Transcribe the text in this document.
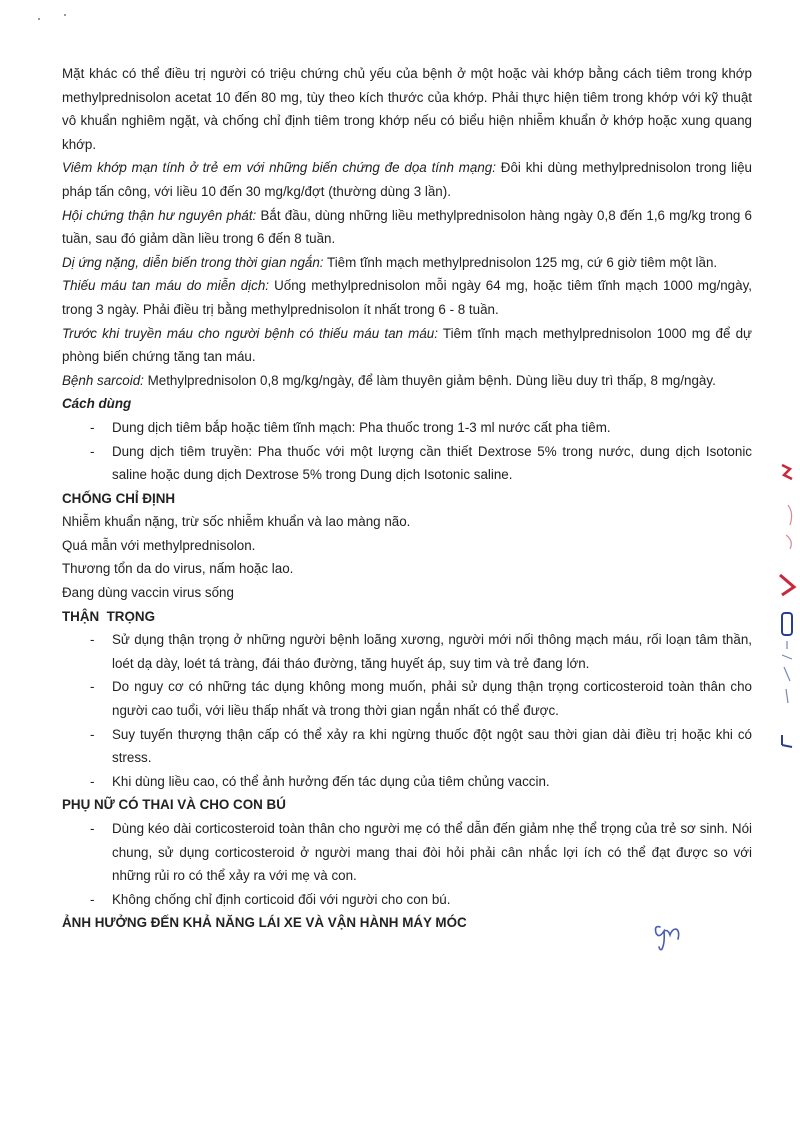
Mặt khác có thể điều trị người có triệu chứng chủ yếu của bệnh ở một hoặc vài khớp bằng cách tiêm trong khớp methylprednisolon acetat 10 đến 80 mg, tùy theo kích thước của khớp. Phải thực hiện tiêm trong khớp với kỹ thuật vô khuẩn nghiêm ngặt, và chống chỉ định tiêm trong khớp nếu có biểu hiện nhiễm khuẩn ở khớp hoặc xung quang khớp.

Viêm khớp mạn tính ở trẻ em với những biến chứng đe dọa tính mạng: Đôi khi dùng methylprednisolon trong liệu pháp tấn công, với liều 10 đến 30 mg/kg/đợt (thường dùng 3 lần).

Hội chứng thận hư nguyên phát: Bắt đầu, dùng những liều methylprednisolon hàng ngày 0,8 đến 1,6 mg/kg trong 6 tuần, sau đó giảm dần liều trong 6 đến 8 tuần.

Dị ứng nặng, diễn biến trong thời gian ngắn: Tiêm tĩnh mạch methylprednisolon 125 mg, cứ 6 giờ tiêm một lần.

Thiếu máu tan máu do miễn dịch: Uống methylprednisolon mỗi ngày 64 mg, hoặc tiêm tĩnh mạch 1000 mg/ngày, trong 3 ngày. Phải điều trị bằng methylprednisolon ít nhất trong 6 - 8 tuần.

Trước khi truyền máu cho người bệnh có thiếu máu tan máu: Tiêm tĩnh mạch methylprednisolon 1000 mg để dự phòng biến chứng tăng tan máu.

Bệnh sarcoid: Methylprednisolon 0,8 mg/kg/ngày, để làm thuyên giảm bệnh. Dùng liều duy trì thấp, 8 mg/ngày.

Cách dùng

- Dung dịch tiêm bắp hoặc tiêm tĩnh mạch: Pha thuốc trong 1-3 ml nước cất pha tiêm.
- Dung dịch tiêm truyền: Pha thuốc với một lượng cần thiết Dextrose 5% trong nước, dung dịch Isotonic saline hoặc dung dịch Dextrose 5% trong Dung dịch Isotonic saline.

CHỐNG CHỈ ĐỊNH

Nhiễm khuẩn nặng, trừ sốc nhiễm khuẩn và lao màng não.

Quá mẫn với methylprednisolon.

Thương tổn da do virus, nấm hoặc lao.

Đang dùng vaccin virus sống

THẬN  TRỌNG

- Sử dụng thận trọng ở những người bệnh loãng xương, người mới nối thông mạch máu, rối loạn tâm thần, loét dạ dày, loét tá tràng, đái tháo đường, tăng huyết áp, suy tim và trẻ đang lớn.
- Do nguy cơ có những tác dụng không mong muốn, phải sử dụng thận trọng corticosteroid toàn thân cho người cao tuổi, với liều thấp nhất và trong thời gian ngắn nhất có thể được.
- Suy tuyến thượng thận cấp có thể xảy ra khi ngừng thuốc đột ngột sau thời gian dài điều trị hoặc khi có stress.
- Khi dùng liều cao, có thể ảnh hưởng đến tác dụng của tiêm chủng vaccin.

PHỤ NỮ CÓ THAI VÀ CHO CON BÚ

- Dùng kéo dài corticosteroid toàn thân cho người mẹ có thể dẫn đến giảm nhẹ thể trọng của trẻ sơ sinh. Nói chung, sử dụng corticosteroid ở người mang thai đòi hỏi phải cân nhắc lợi ích có thể đạt được so với những rủi ro có thể xảy ra với mẹ và con.
- Không chống chỉ định corticoid đối với người cho con bú.

ẢNH HƯỞNG ĐẾN KHẢ NĂNG LÁI XE VÀ VẬN HÀNH MÁY MÓC
